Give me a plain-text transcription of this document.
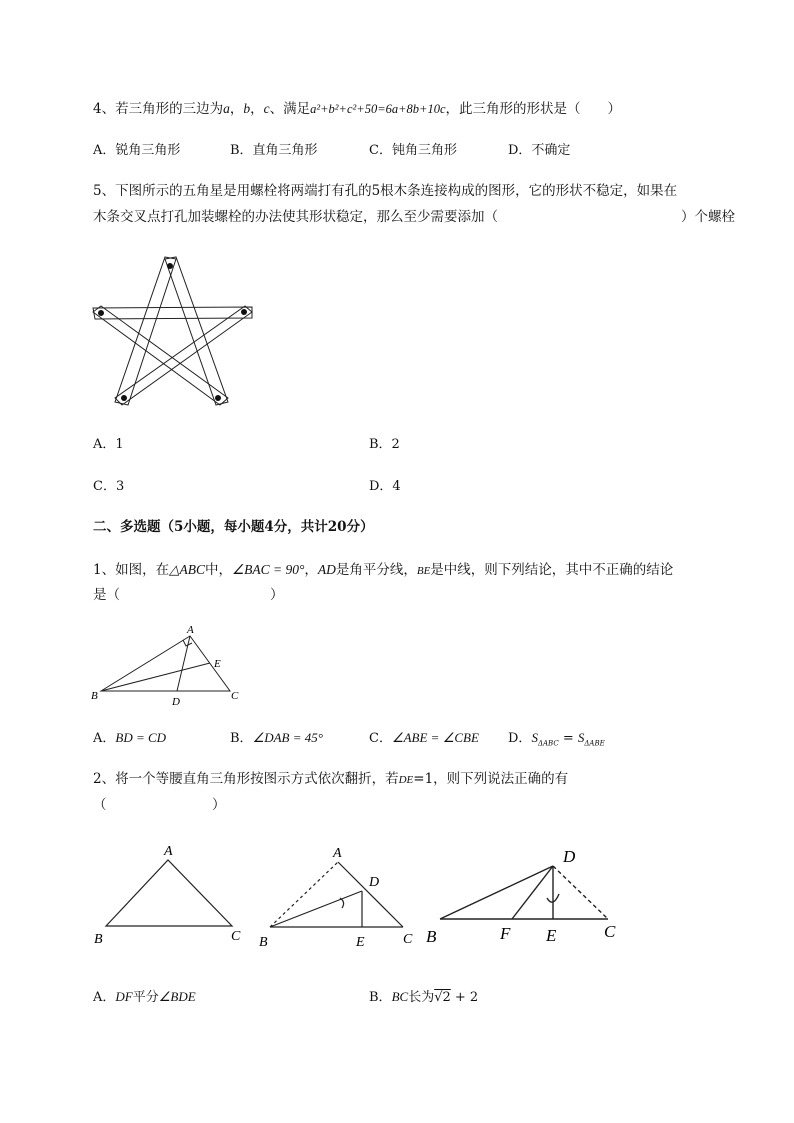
4、若三角形的三边为a，b，c、满足a²+b²+c²+50=6a+8b+10c，此三角形的形状是（　　）
A．锐角三角形	B．直角三角形	C．钝角三角形	D．不确定
5、下图所示的五角星是用螺栓将两端打有孔的5根木条连接构成的图形，它的形状不稳定，如果在
木条交叉点打孔加装螺栓的办法使其形状稳定，那么至少需要添加（	）个螺栓
A．1	B．2
C．3	D．4
二、多选题（5小题，每小题4分，共计20分）
1、如图，在△ABC中，∠BAC = 90°，AD是角平分线，BE是中线，则下列结论，其中不正确的结论
是（	）
A
B	C
D
E
A．BD = CD	B．∠DAB = 45°	C．∠ABE = ∠CBE D．$S_{\Delta ABC} = S_{\Delta ABE}$
2、将一个等腰直角三角形按图示方式依次翻折，若DE=1，则下列说法正确的有
（	）
A
B	C
A
B	C
D
E
D
B	F E	C
A．DF平分∠BDE	B．BC长为√2 + 2
